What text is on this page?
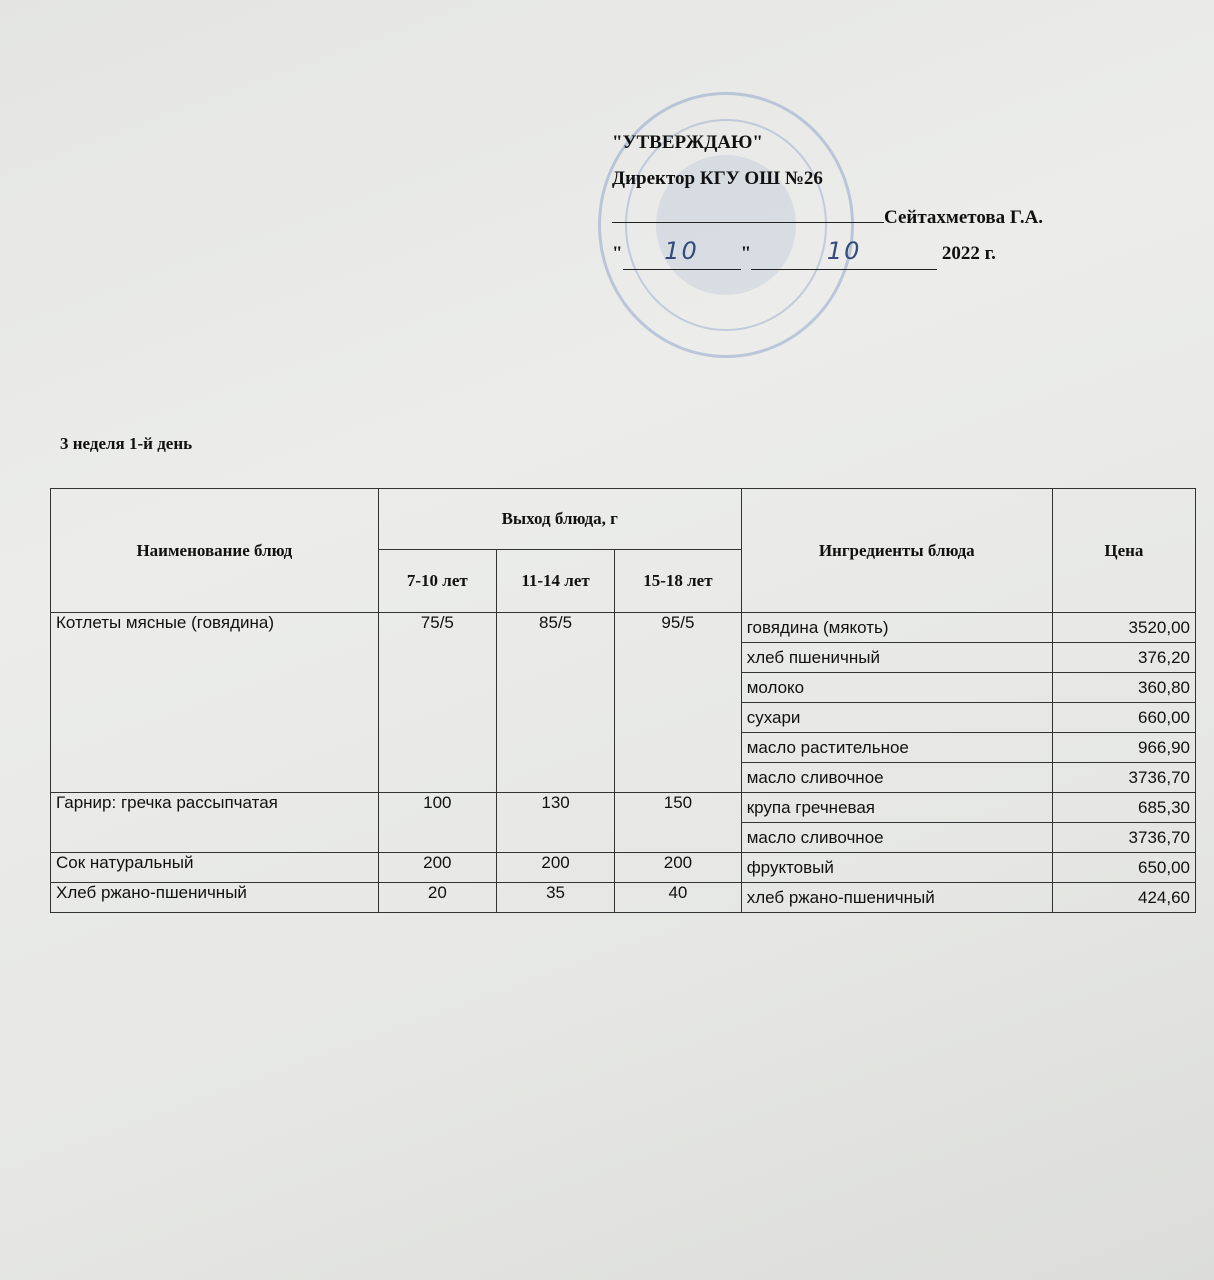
"УТВЕРЖДАЮ"
Директор КГУ ОШ №26
Сейтахметова Г.А.
" 10 "	10	2022 г.
3 неделя 1-й день
Наименование блюд	Выход блюда, г			Ингредиенты блюда	Цена
	7-10 лет	11-14 лет	15-18 лет		
Котлеты мясные (говядина)	75/5	85/5	95/5	говядина (мякоть)	3520,00
				хлеб пшеничный	376,20
				молоко	360,80
				сухари	660,00
				масло растительное	966,90
				масло сливочное	3736,70
Гарнир: гречка рассыпчатая	100	130	150	крупа гречневая	685,30
				масло сливочное	3736,70
Сок натуральный	200	200	200	фруктовый	650,00
Хлеб ржано-пшеничный	20	35	40	хлеб ржано-пшеничный	424,60
